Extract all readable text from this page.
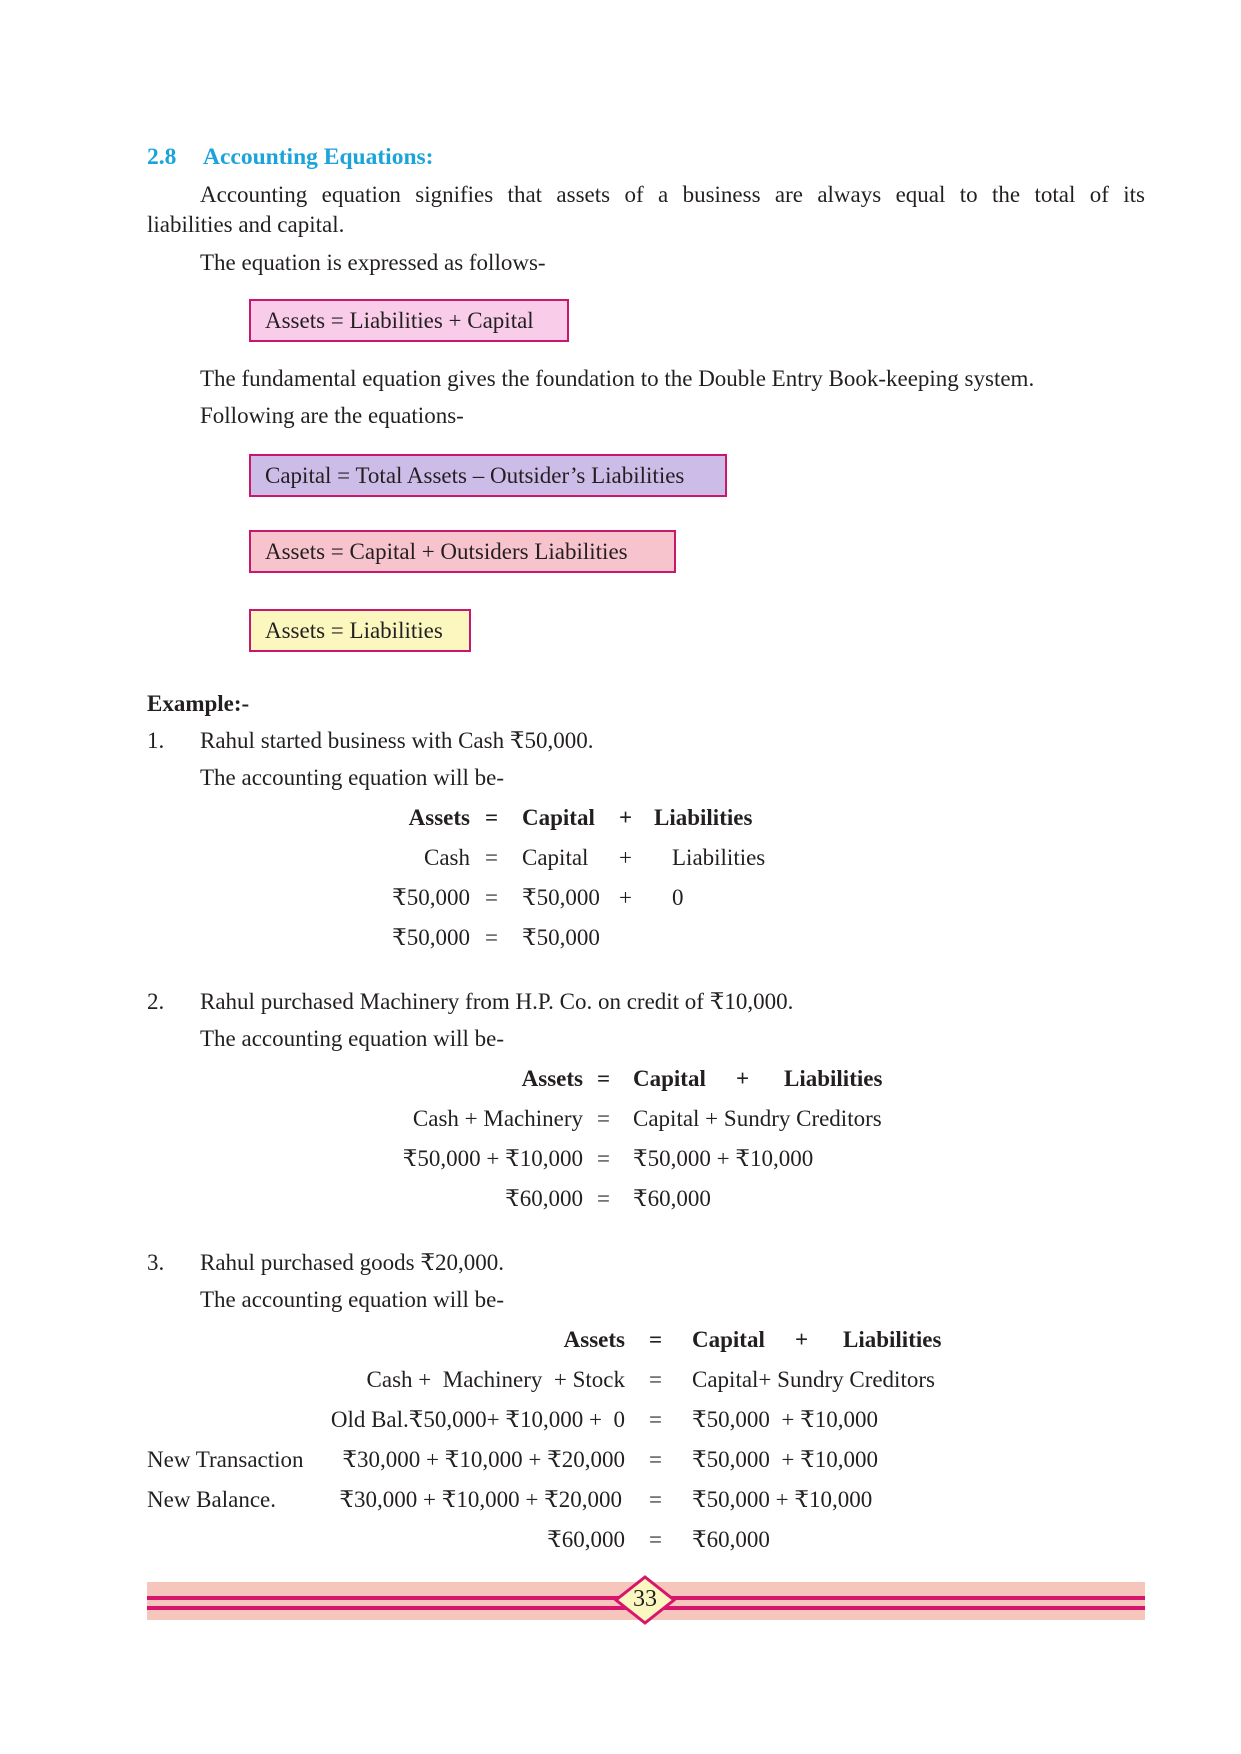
2.8 Accounting Equations:
Accounting equation signifies that assets of a business are always equal to the total of its
liabilities and capital.
The equation is expressed as follows-
Assets = Liabilities + Capital
The fundamental equation gives the foundation to the Double Entry Book-keeping system.
Following are the equations-
Capital = Total Assets – Outsider’s Liabilities
Assets = Capital + Outsiders Liabilities
Assets = Liabilities
Example:-
1. Rahul started business with Cash ₹50,000.
The accounting equation will be-
Assets = Capital + Liabilities
Cash = Capital + Liabilities
₹50,000 = ₹50,000 + 0
₹50,000 = ₹50,000
2. Rahul purchased Machinery from H.P. Co. on credit of ₹10,000.
The accounting equation will be-
Assets = Capital + Liabilities
Cash + Machinery = Capital + Sundry Creditors
₹50,000 + ₹10,000 = ₹50,000 + ₹10,000
₹60,000 = ₹60,000
3. Rahul purchased goods ₹20,000.
The accounting equation will be-
Assets = Capital + Liabilities
Cash +  Machinery  + Stock = Capital+ Sundry Creditors
Old Bal.₹50,000+ ₹10,000 +  0 = ₹50,000  + ₹10,000
New Transaction	₹30,000 + ₹10,000 + ₹20,000 = ₹50,000  + ₹10,000
New Balance.	₹30,000 + ₹10,000 + ₹20,000 = ₹50,000 + ₹10,000
₹60,000 = ₹60,000
33
